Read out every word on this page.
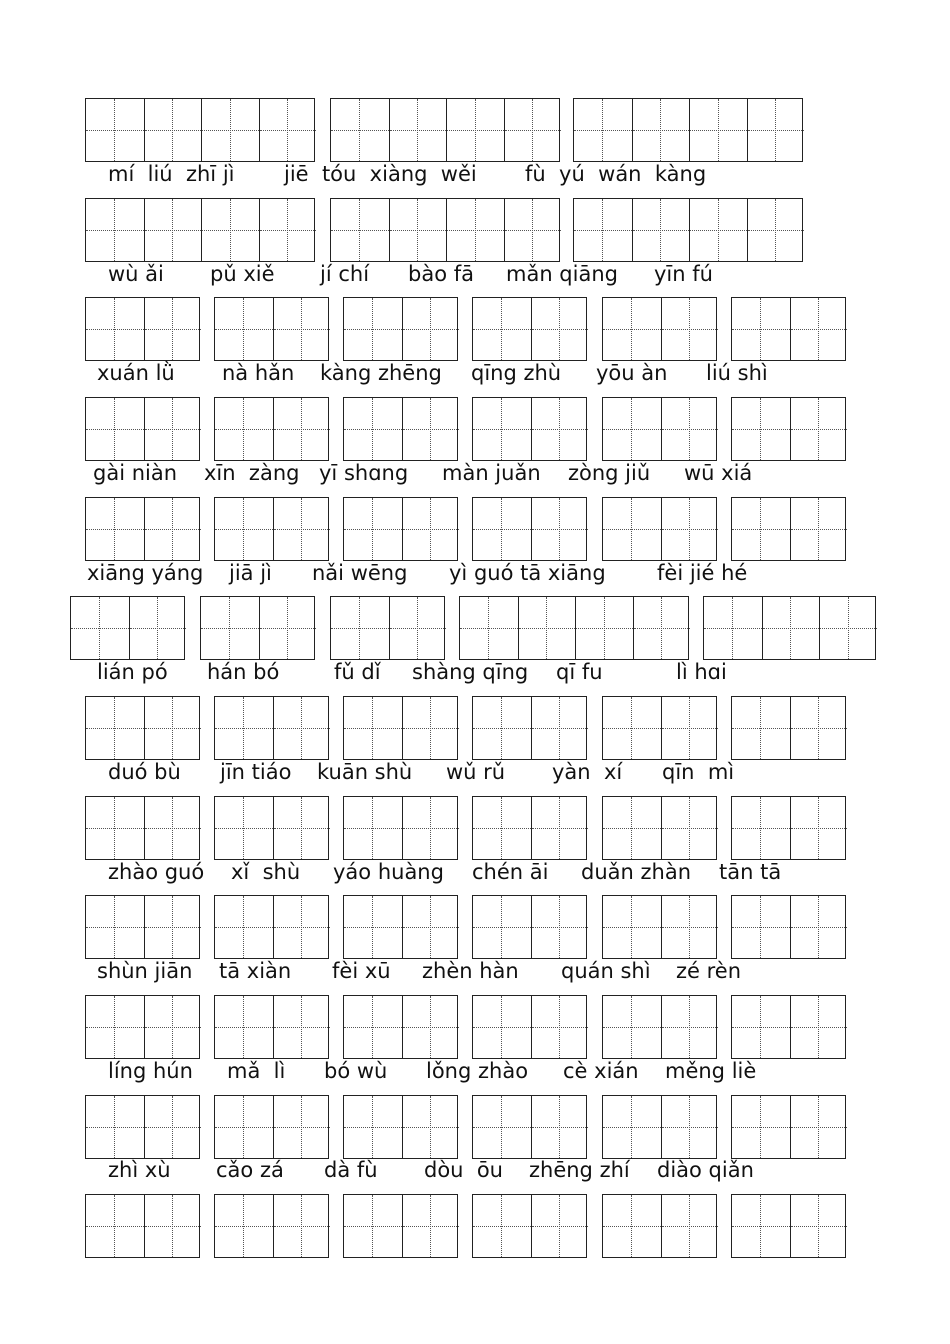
mí  liú  zhī jì jiē  tóu  xiàng  wěi fù  yú  wán  kàng
wù ǎi pǔ xiě jí chí bào fā mǎn qiāng yīn fú
xuán lǜ nà hǎn kàng zhēng qīng zhù yōu àn liú shì
gài niàn xīn  zàng yī shɑng màn juǎn zòng jiǔ wū xiá
xiāng yáng jiā jì nǎi wēng yì guó tā xiāng fèi jié hé
lián pó hán bó	fǔ dǐ shàng qīng qī fu	lì hɑi
duó bù jīn tiáo kuān shù wǔ rǔ yàn  xí qīn  mì
zhào guó xǐ  shù yáo huàng chén āi duǎn zhàn tān tā
shùn jiān tā xiàn fèi xū zhèn hàn quán shì zé rèn
líng hún mǎ  lì bó wù lǒng zhào cè xián měng liè
zhì xù cǎo zá dà fù dòu  ōu zhēng zhí diào qiǎn
